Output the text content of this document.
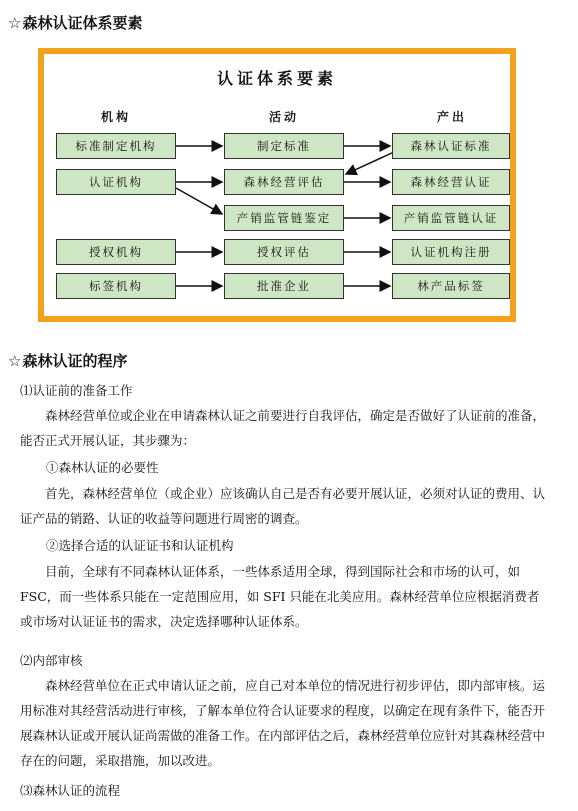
☆森林认证体系要素
认证体系要素
机构	活动	产出
标准制定机构
认证机构
授权机构
标签机构
制定标准
森林经营评估
产销监管链鉴定
授权评估
批准企业
森林认证标准
森林经营认证
产销监管链认证
认证机构注册
林产品标签
☆森林认证的程序
⑴认证前的准备工作
森林经营单位或企业在申请森林认证之前要进行自我评估，确定是否做好了认证前的准备，能否正式开展认证，其步骤为：
①森林认证的必要性
首先，森林经营单位（或企业）应该确认自己是否有必要开展认证，必须对认证的费用、认证产品的销路、认证的收益等问题进行周密的调查。
②选择合适的认证证书和认证机构
目前，全球有不同森林认证体系，一些体系适用全球，得到国际社会和市场的认可，如 FSC，而一些体系只能在一定范围应用，如 SFI 只能在北美应用。森林经营单位应根据消费者或市场对认证证书的需求，决定选择哪种认证体系。
⑵内部审核
森林经营单位在正式申请认证之前，应自己对本单位的情况进行初步评估，即内部审核。运用标准对其经营活动进行审核，了解本单位符合认证要求的程度，以确定在现有条件下，能否开展森林认证或开展认证尚需做的准备工作。在内部评估之后，森林经营单位应针对其森林经营中存在的问题，采取措施，加以改进。
⑶森林认证的流程
